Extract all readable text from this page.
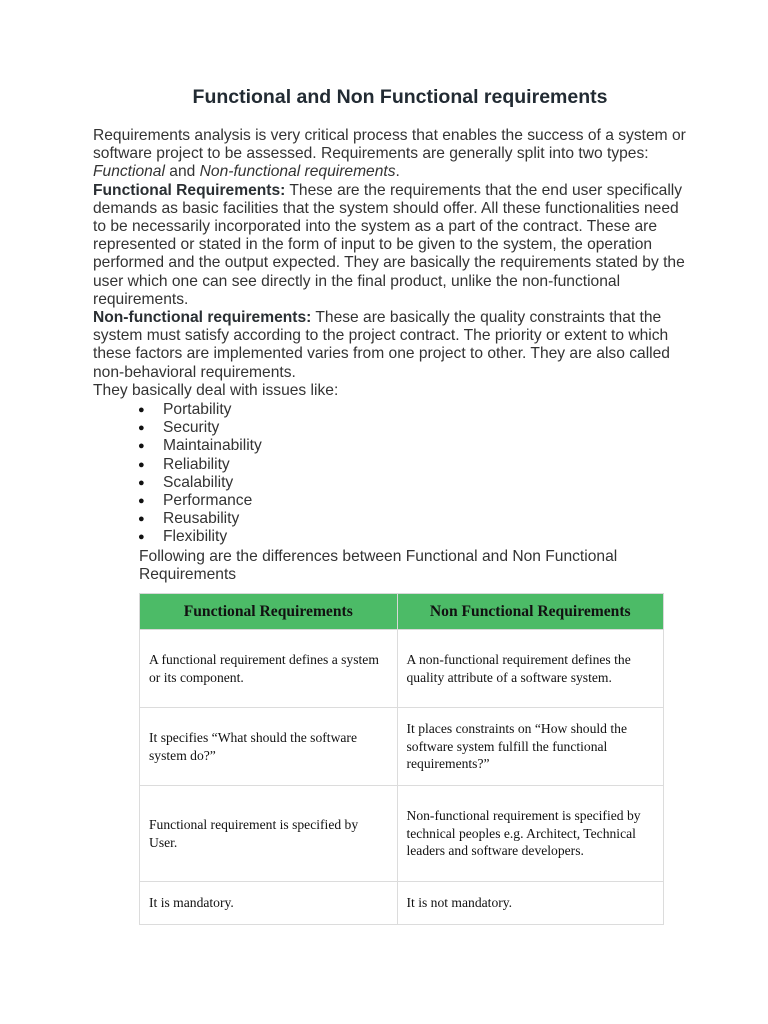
Functional and Non Functional requirements

Requirements analysis is very critical process that enables the success of a system or software project to be assessed. Requirements are generally split into two types: Functional and Non-functional requirements.

Functional Requirements: These are the requirements that the end user specifically demands as basic facilities that the system should offer. All these functionalities need to be necessarily incorporated into the system as a part of the contract. These are represented or stated in the form of input to be given to the system, the operation performed and the output expected. They are basically the requirements stated by the user which one can see directly in the final product, unlike the non-functional requirements.

Non-functional requirements: These are basically the quality constraints that the system must satisfy according to the project contract. The priority or extent to which these factors are implemented varies from one project to other. They are also called non-behavioral requirements.

They basically deal with issues like:

● Portability
● Security
● Maintainability
● Reliability
● Scalability
● Performance
● Reusability
● Flexibility
Following are the differences between Functional and Non Functional Requirements
Functional Requirements	Non Functional Requirements
A functional requirement defines a system or its component.	A non-functional requirement defines the quality attribute of a software system.
It specifies “What should the software system do?”	It places constraints on “How should the software system fulfill the functional requirements?”
Functional requirement is specified by User.	Non-functional requirement is specified by technical peoples e.g. Architect, Technical leaders and software developers.
It is mandatory.	It is not mandatory.
